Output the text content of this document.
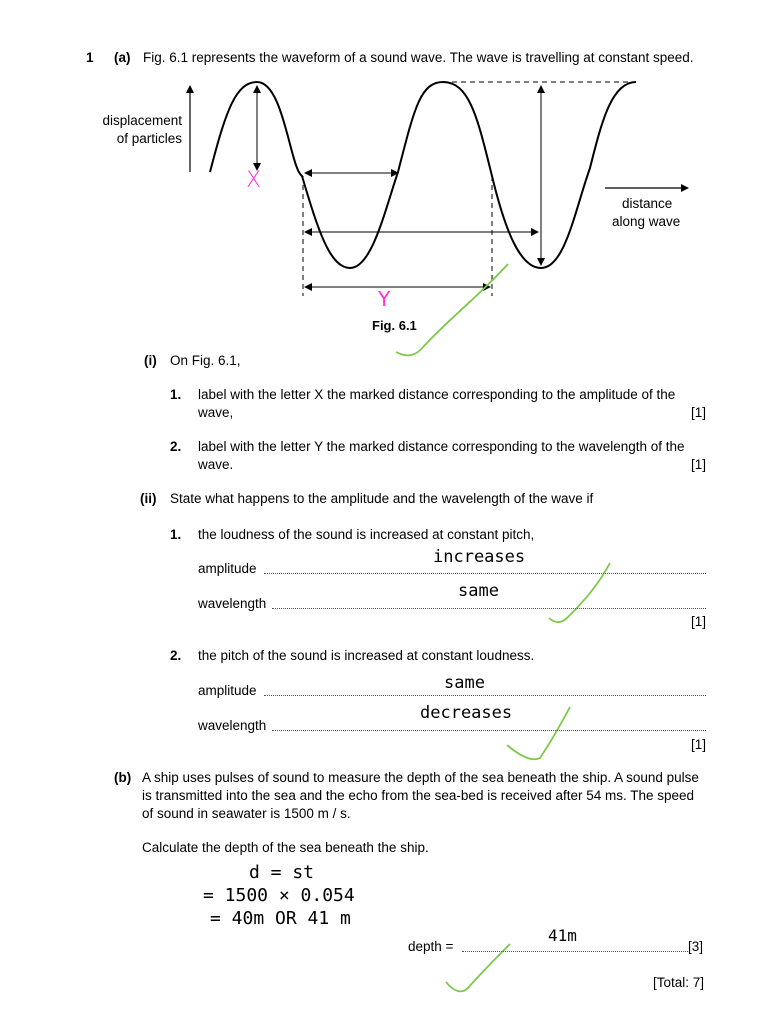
1 (a) Fig. 6.1 represents the waveform of a sound wave. The wave is travelling at constant speed.
displacement
of particles
distance
along wave
Fig. 6.1
X
Y
(i) On Fig. 6.1,
1. label with the letter X the marked distance corresponding to the amplitude of the
wave,	[1]
2. label with the letter Y the marked distance corresponding to the wavelength of the
wave.	[1]
(ii) State what happens to the amplitude and the wavelength of the wave if
1. the loudness of the sound is increased at constant pitch,
amplitude
increases
wavelength
same
[1]
2. the pitch of the sound is increased at constant loudness.
amplitude	same
wavelength
decreases
[1]
(b) A ship uses pulses of sound to measure the depth of the sea beneath the ship. A sound pulse
is transmitted into the sea and the echo from the sea-bed is received after 54 ms. The speed
of sound in seawater is 1500 m / s.
Calculate the depth of the sea beneath the ship.
d = st
= 1500 × 0.054
= 40m OR 41 m
depth =
41m
[3]
[Total: 7]
